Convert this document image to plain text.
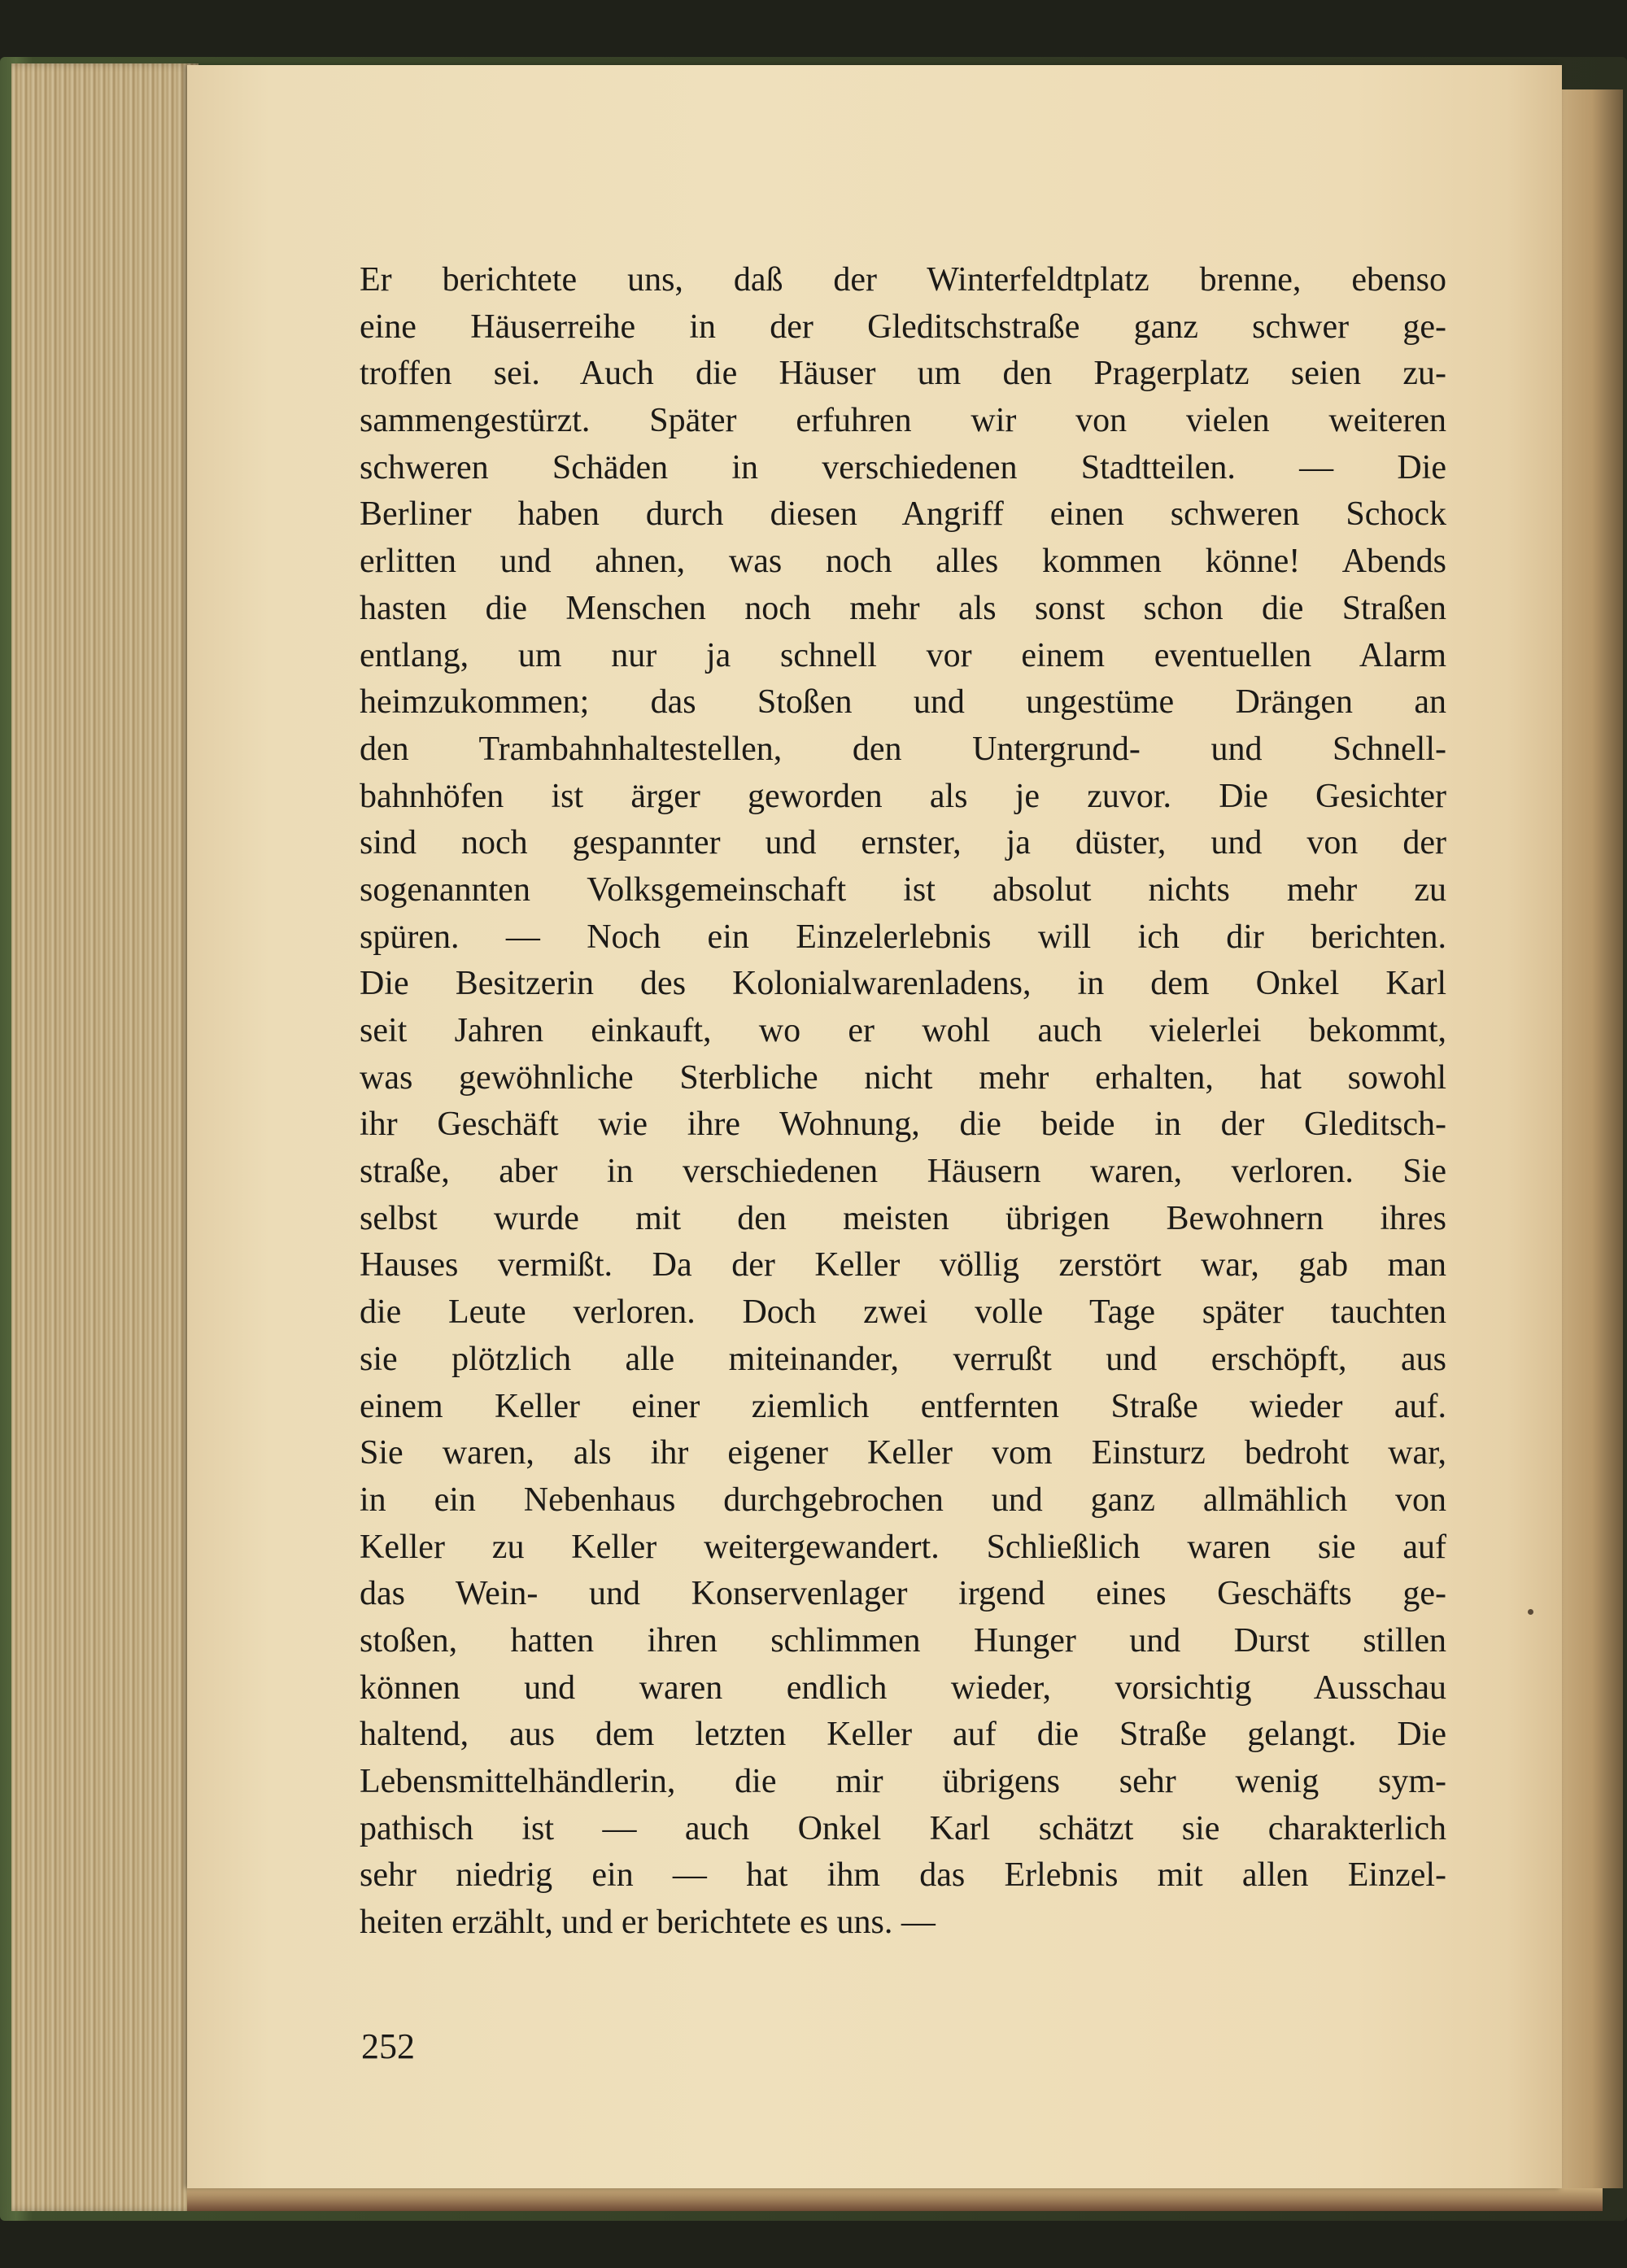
Er berichtete uns, daß der Winterfeldtplatz brenne, ebenso
eine Häuserreihe in der Gleditschstraße ganz schwer ge-
troffen sei. Auch die Häuser um den Pragerplatz seien zu-
sammengestürzt. Später erfuhren wir von vielen weiteren
schweren Schäden in verschiedenen Stadtteilen. — Die
Berliner haben durch diesen Angriff einen schweren Schock
erlitten und ahnen, was noch alles kommen könne! Abends
hasten die Menschen noch mehr als sonst schon die Straßen
entlang, um nur ja schnell vor einem eventuellen Alarm
heimzukommen; das Stoßen und ungestüme Drängen an
den Trambahnhaltestellen, den Untergrund- und Schnell-
bahnhöfen ist ärger geworden als je zuvor. Die Gesichter
sind noch gespannter und ernster, ja düster, und von der
sogenannten Volksgemeinschaft ist absolut nichts mehr zu
spüren. — Noch ein Einzelerlebnis will ich dir berichten.
Die Besitzerin des Kolonialwarenladens, in dem Onkel Karl
seit Jahren einkauft, wo er wohl auch vielerlei bekommt,
was gewöhnliche Sterbliche nicht mehr erhalten, hat sowohl
ihr Geschäft wie ihre Wohnung, die beide in der Gleditsch-
straße, aber in verschiedenen Häusern waren, verloren. Sie
selbst wurde mit den meisten übrigen Bewohnern ihres
Hauses vermißt. Da der Keller völlig zerstört war, gab man
die Leute verloren. Doch zwei volle Tage später tauchten
sie plötzlich alle miteinander, verrußt und erschöpft, aus
einem Keller einer ziemlich entfernten Straße wieder auf.
Sie waren, als ihr eigener Keller vom Einsturz bedroht war,
in ein Nebenhaus durchgebrochen und ganz allmählich von
Keller zu Keller weitergewandert. Schließlich waren sie auf
das Wein- und Konservenlager irgend eines Geschäfts ge-
stoßen, hatten ihren schlimmen Hunger und Durst stillen
können und waren endlich wieder, vorsichtig Ausschau
haltend, aus dem letzten Keller auf die Straße gelangt. Die
Lebensmittelhändlerin, die mir übrigens sehr wenig sym-
pathisch ist — auch Onkel Karl schätzt sie charakterlich
sehr niedrig ein — hat ihm das Erlebnis mit allen Einzel-
heiten erzählt, und er berichtete es uns. —
252
